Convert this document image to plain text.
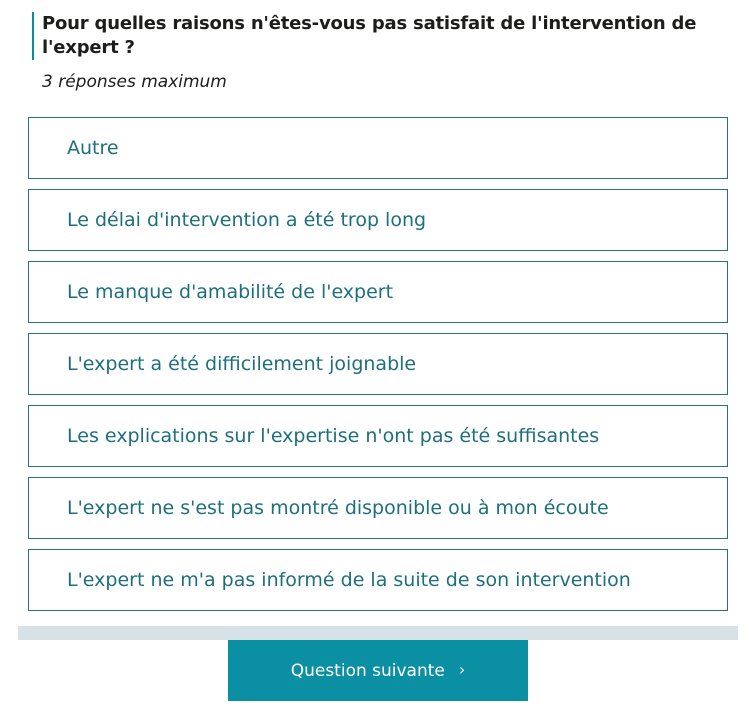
Pour quelles raisons n'êtes-vous pas satisfait de l'intervention de l'expert ?
3 réponses maximum
Autre
Le délai d'intervention a été trop long
Le manque d'amabilité de l'expert
L'expert a été difficilement joignable
Les explications sur l'expertise n'ont pas été suffisantes
L'expert ne s'est pas montré disponible ou à mon écoute
L'expert ne m'a pas informé de la suite de son intervention
Question suivante ›
